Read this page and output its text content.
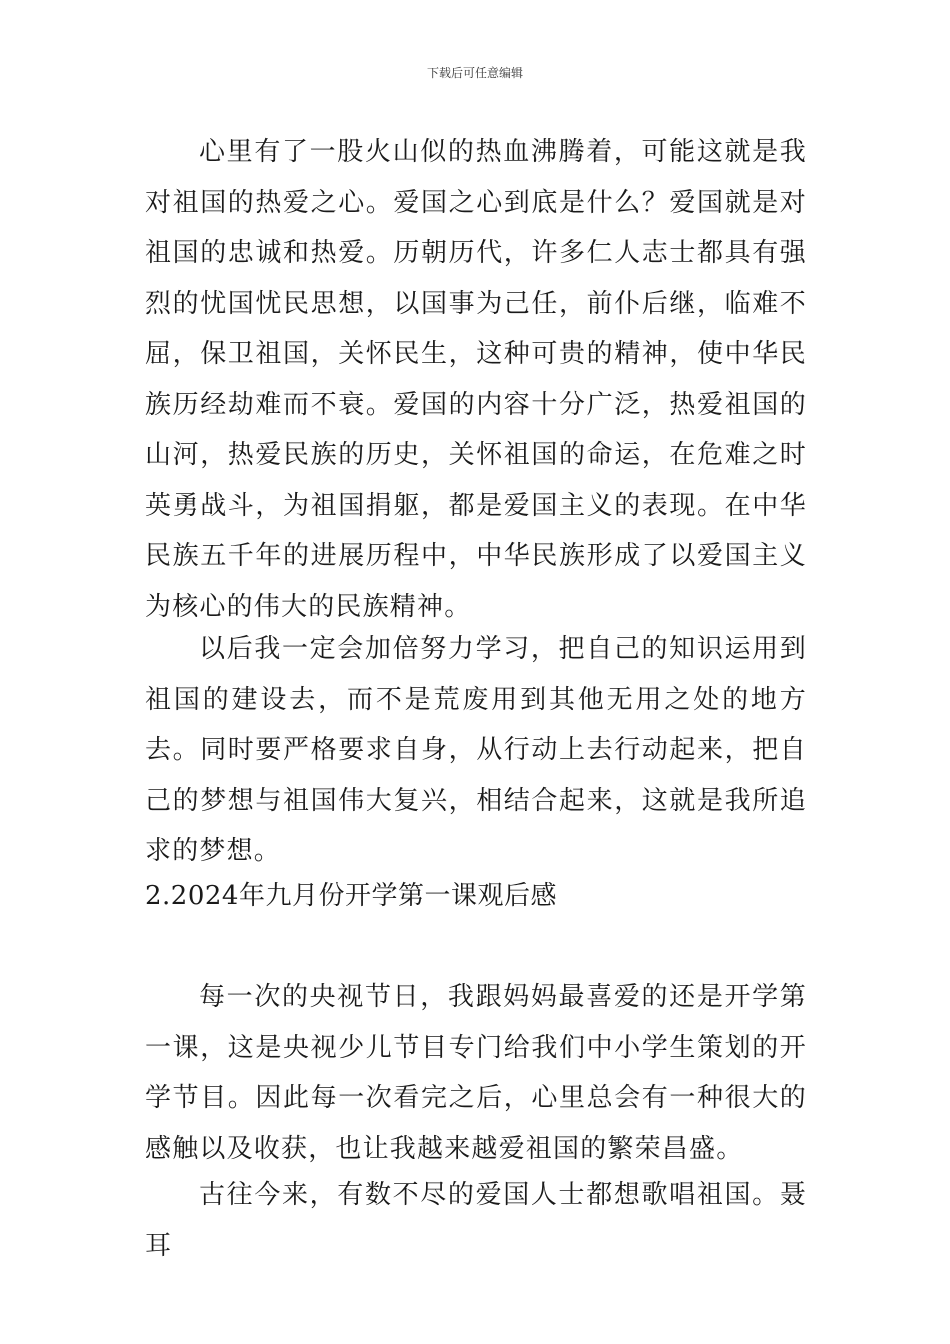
下载后可任意编辑

心里有了一股火山似的热血沸腾着，可能这就是我对祖国的热爱之心。爱国之心到底是什么？爱国就是对祖国的忠诚和热爱。历朝历代，许多仁人志士都具有强烈的忧国忧民思想，以国事为己任，前仆后继，临难不屈，保卫祖国，关怀民生，这种可贵的精神，使中华民族历经劫难而不衰。爱国的内容十分广泛，热爱祖国的山河，热爱民族的历史，关怀祖国的命运，在危难之时英勇战斗，为祖国捐躯，都是爱国主义的表现。在中华民族五千年的进展历程中，中华民族形成了以爱国主义为核心的伟大的民族精神。

以后我一定会加倍努力学习，把自己的知识运用到祖国的建设去，而不是荒废用到其他无用之处的地方去。同时要严格要求自身，从行动上去行动起来，把自己的梦想与祖国伟大复兴，相结合起来，这就是我所追求的梦想。

2.2024年九月份开学第一课观后感

每一次的央视节日，我跟妈妈最喜爱的还是开学第一课，这是央视少儿节目专门给我们中小学生策划的开学节目。因此每一次看完之后，心里总会有一种很大的感触以及收获，也让我越来越爱祖国的繁荣昌盛。

古往今来，有数不尽的爱国人士都想歌唱祖国。聂耳
